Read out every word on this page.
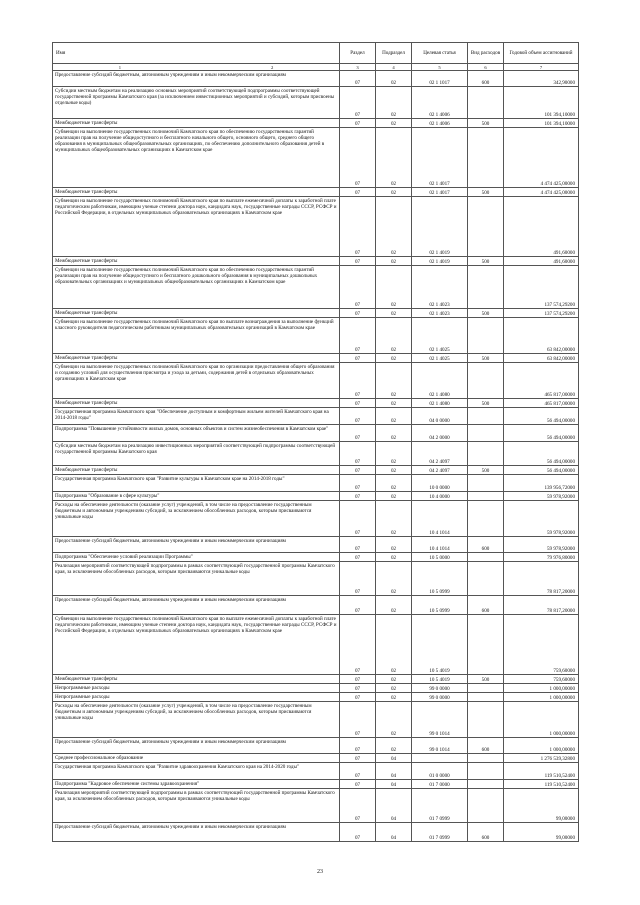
Имя	Раздел	Подраздел	Целевая статья	Вид расходов	Годовой объем ассигнований
1 2	3	4	5	6	7
Предоставление субсидий бюджетным, автономным учреждениям и иным некоммерческим организациям	07	02	02 1 1017	600	342,90000
Субсидии местным бюджетам на реализацию основных мероприятий соответствующей подпрограммы соответствующей государственной программы Камчатского края (за исключением инвестиционных мероприятий и субсидий, которым присвоены отдельные коды)	07	02	02 1 4006		101 394,10000
Межбюджетные трансферты	07	02	02 1 4006	500	101 394,10000
Субвенции на выполнение государственных полномочий Камчатского края по обеспечению государственных гарантий реализации прав на получение общедоступного и бесплатного начального общего, основного общего, среднего общего образования в муниципальных общеобразовательных организациях, по обеспечению дополнительного образования детей в муниципальных общеобразовательных организациях в Камчатском крае	07	02	02 1 4017		4 474 425,00000
Межбюджетные трансферты	07	02	02 1 4017	500	4 474 425,00000
Субвенции на выполнение государственных полномочий Камчатского края по выплате ежемесячной доплаты к заработной плате педагогическим работникам, имеющим ученые степени доктора наук, кандидата наук, государственные награды СССР, РСФСР и Российской Федерации, в отдельных муниципальных образовательных организациях в Камчатском крае	07	02	02 1 4019		491,60000
Межбюджетные трансферты	07	02	02 1 4019	500	491,60000
Субвенции на выполнение государственных полномочий Камчатского края по обеспечению государственных гарантий реализации прав на получение общедоступного и бесплатного дошкольного образования в муниципальных дошкольных образовательных организациях и муниципальных общеобразовательных организациях в Камчатском крае	07	02	02 1 4023		137 574,29200
Межбюджетные трансферты	07	02	02 1 4023	500	137 574,29200
Субвенции на выполнение государственных полномочий Камчатского края по выплате вознаграждения за выполнение функций классного руководителя педагогическим работникам муниципальных образовательных организаций в Камчатском крае	07	02	02 1 4025		63 842,00000
Межбюджетные трансферты	07	02	02 1 4025	500	63 842,00000
Субвенции на выполнение государственных полномочий Камчатского края по организации предоставления общего образования и созданию условий для осуществления присмотра и ухода за детьми, содержания детей в отдельных образовательных организациях в Камчатском крае	07	02	02 1 4080		465 817,00000
Межбюджетные трансферты	07	02	02 1 4080	500	465 817,00000
Государственная программа Камчатского края "Обеспечение доступным и комфортным жильем жителей Камчатского края на 2014-2018 годы"	07	02	04 0 0000		56 494,00000
Подпрограмма "Повышение устойчивости жилых домов, основных объектов и систем жизнеобеспечения в Камчатском крае"	07	02	04 2 0000		56 494,00000
Субсидии местным бюджетам на реализацию инвестиционных мероприятий соответствующей подпрограммы соответствующей государственной программы Камчатского края	07	02	04 2 4097		56 494,00000
Межбюджетные трансферты	07	02	04 2 4097	500	56 494,00000
Государственная программа Камчатского края "Развитие культуры в Камчатском крае на 2014-2018 годы"	07	02	10 0 0000		139 956,72000
Подпрограмма "Образование в сфере культуры"	07	02	10 4 0000		59 978,92000
Расходы на обеспечение деятельности (оказание услуг) учреждений, в том числе на предоставление государственным бюджетным и автономным учреждениям субсидий, за исключением обособленных расходов, которым присваиваются уникальные коды	07	02	10 4 1014		59 978,92000
Предоставление субсидий бюджетным, автономным учреждениям и иным некоммерческим организациям	07	02	10 4 1014	600	59 978,92000
Подпрограмма "Обеспечение условий реализации Программы"	07	02	10 5 0000		79 976,80000
Реализация мероприятий соответствующей подпрограммы в рамках соответствующей государственной программы Камчатского края, за исключением обособленных расходов, которым присваиваются уникальные коды	07	02	10 5 0999		78 817,20000
Предоставление субсидий бюджетным, автономным учреждениям и иным некоммерческим организациям	07	02	10 5 0999	600	78 817,20000
Субвенции на выполнение государственных полномочий Камчатского края по выплате ежемесячной доплаты к заработной плате педагогическим работникам, имеющим ученые степени доктора наук, кандидата наук, государственные награды СССР, РСФСР и Российской Федерации, в отдельных муниципальных образовательных организациях в Камчатском крае	07	02	10 5 4019		759,60000
Межбюджетные трансферты	07	02	10 5 4019	500	759,60000
Непрограммные расходы	07	02	99 0 0000		1 000,00000
Непрограммные расходы	07	02	99 0 0000		1 000,00000
Расходы на обеспечение деятельности (оказание услуг) учреждений, в том числе на предоставление государственным бюджетным и автономным учреждениям субсидий, за исключением обособленных расходов, которым присваиваются уникальные коды	07	02	99 0 1014		1 000,00000
Предоставление субсидий бюджетным, автономным учреждениям и иным некоммерческим организациям	07	02	99 0 1014	600	1 000,00000
Среднее профессиональное образование	07	04			1 276 539,32800
Государственная программа Камчатского края "Развитие здравоохранения Камчатского края на 2014-2020 годы"	07	04	01 0 0000		119 510,52400
Подпрограмма "Кадровое обеспечение системы здравоохранения"	07	04	01 7 0000		119 510,52400
Реализация мероприятий соответствующей подпрограммы в рамках соответствующей государственной программы Камчатского края, за исключением обособленных расходов, которым присваиваются уникальные коды	07	04	01 7 0999		99,00000
Предоставление субсидий бюджетным, автономным учреждениям и иным некоммерческим организациям	07	04	01 7 0999	600	99,00000
23
